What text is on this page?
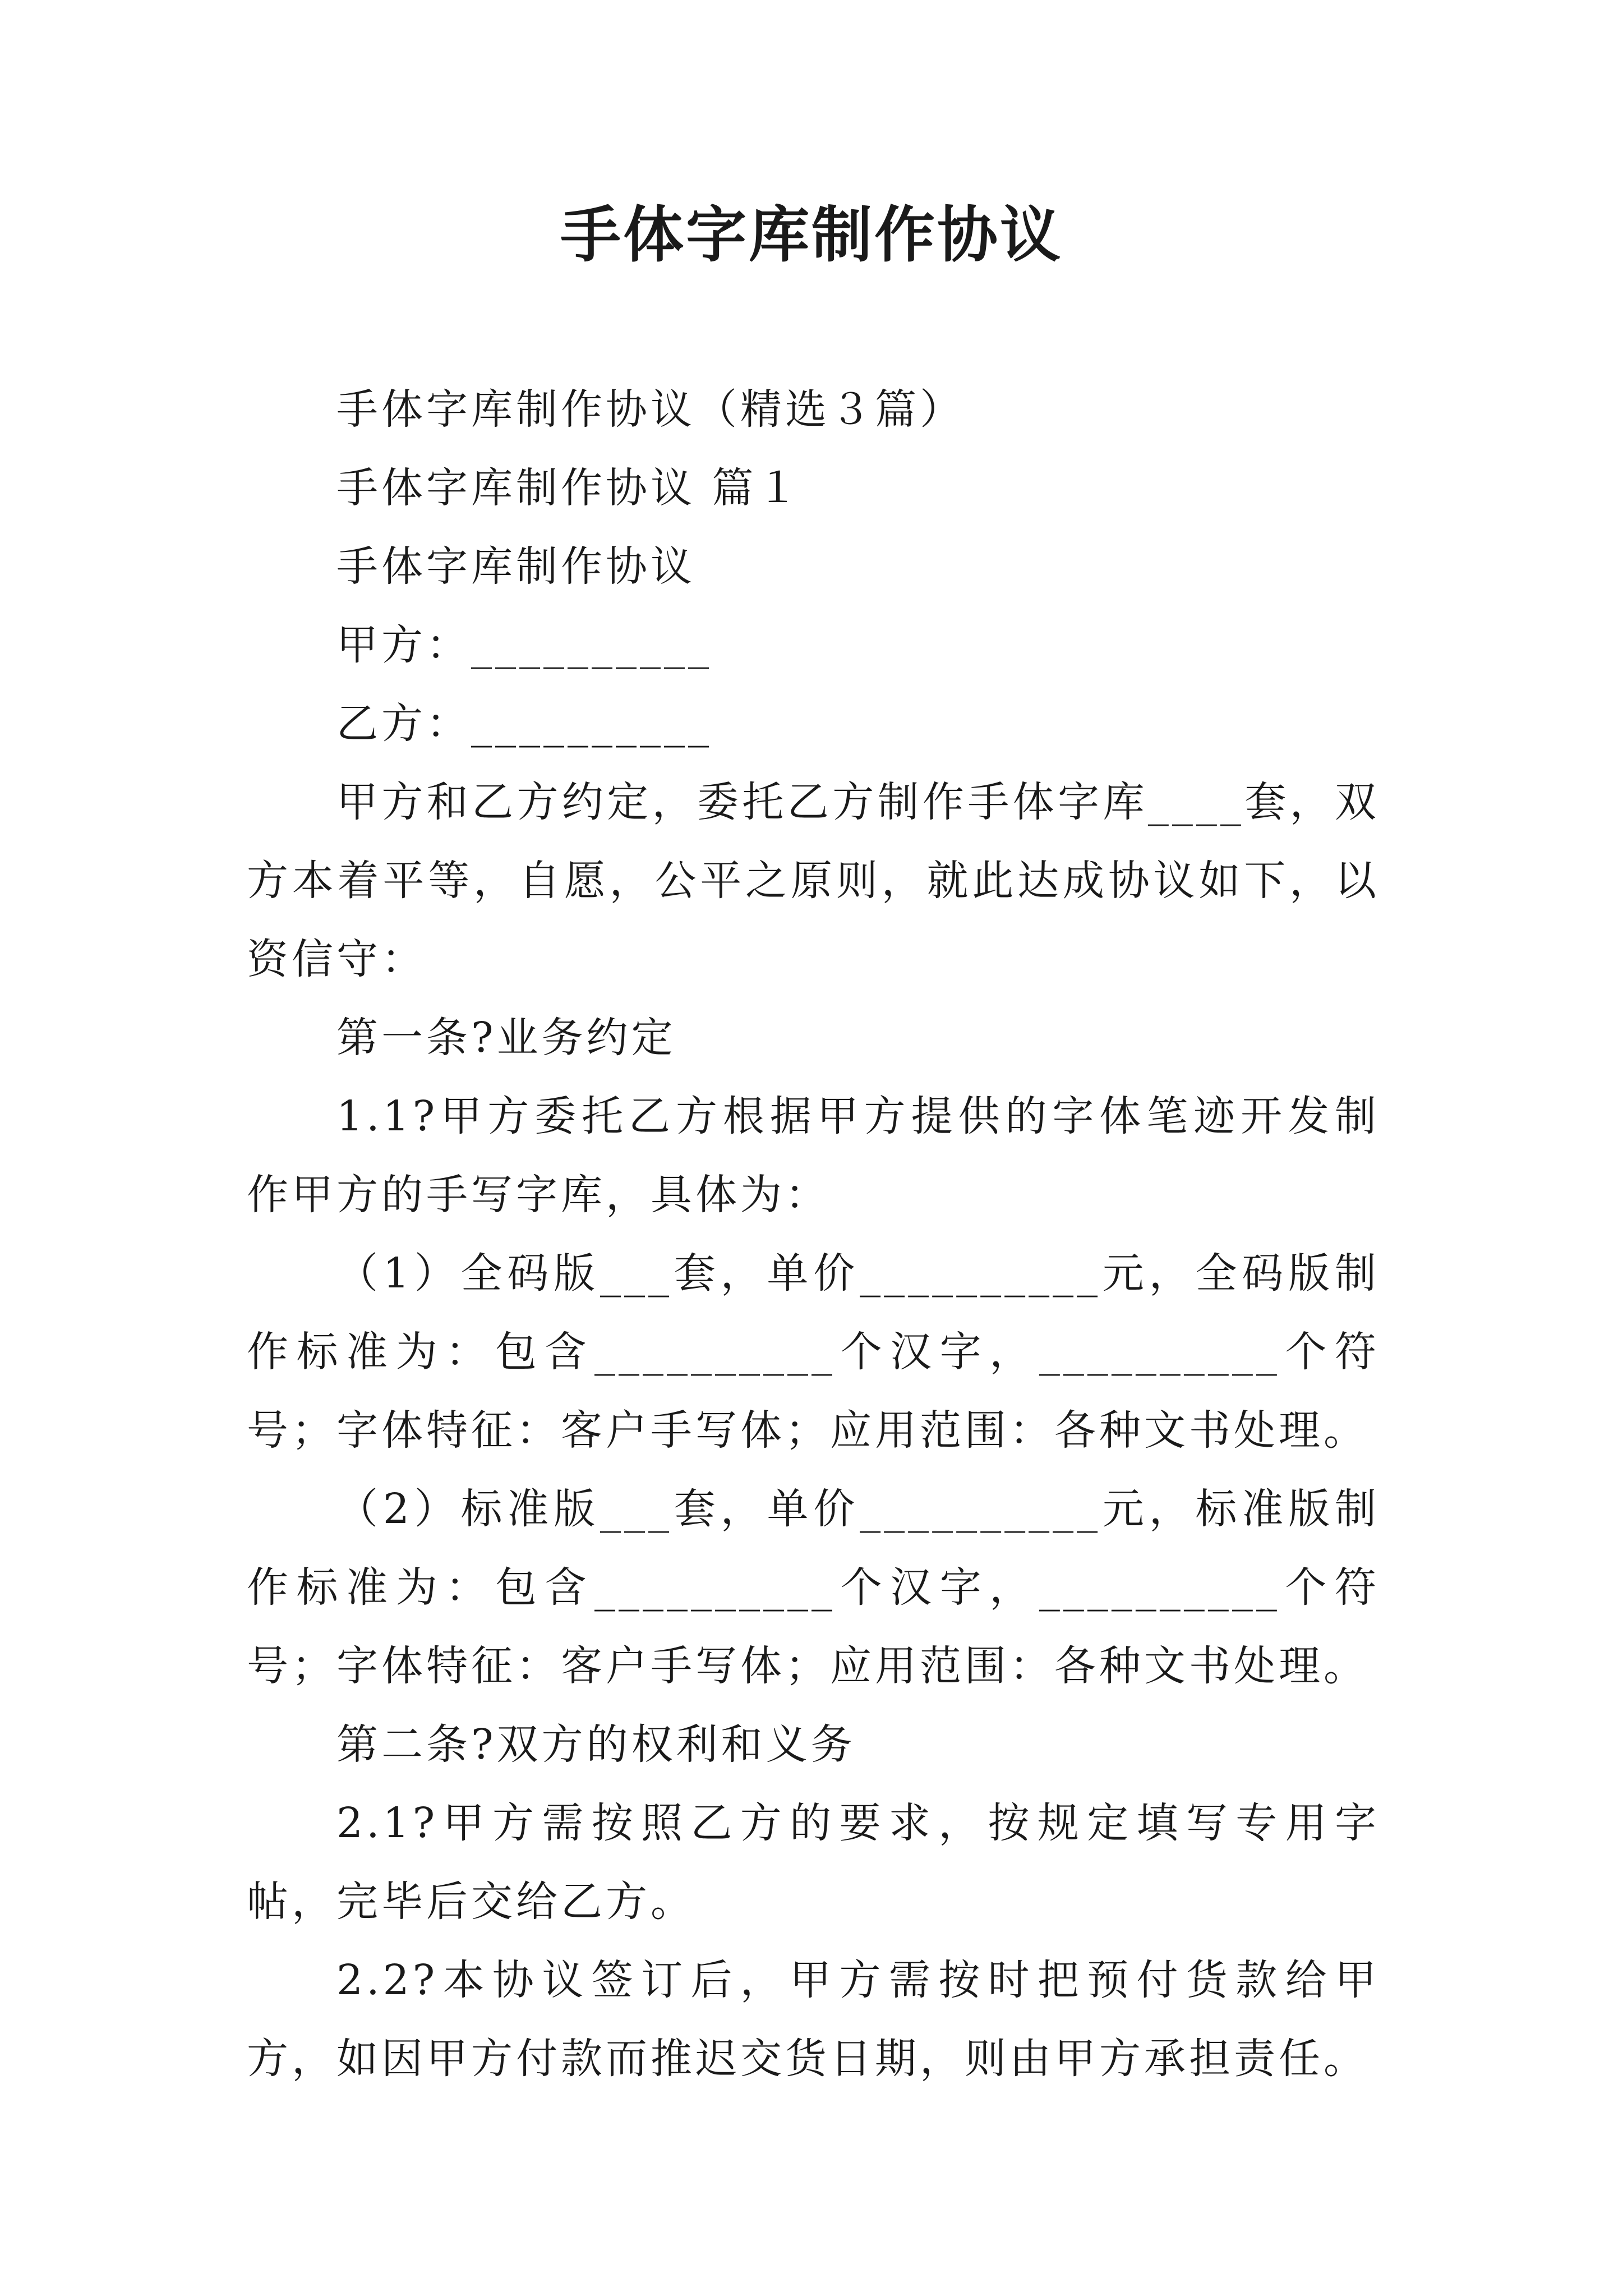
手体字库制作协议

手体字库制作协议（精选３篇）

手体字库制作协议 篇１

手体字库制作协议

甲方：__________

乙方：__________

甲方和乙方约定，委托乙方制作手体字库____套，双方本着平等，自愿，公平之原则，就此达成协议如下，以资信守：

第一条?业务约定

1.1?甲方委托乙方根据甲方提供的字体笔迹开发制作甲方的手写字库，具体为：

（1）全码版___套，单价__________元，全码版制作标准为：包含__________个汉字，__________个符号；字体特征：客户手写体；应用范围：各种文书处理。

（2）标准版___套，单价__________元，标准版制作标准为：包含__________个汉字，__________个符号；字体特征：客户手写体；应用范围：各种文书处理。

第二条?双方的权利和义务

2.1?甲方需按照乙方的要求，按规定填写专用字帖，完毕后交给乙方。

2.2?本协议签订后，甲方需按时把预付货款给甲方，如因甲方付款而推迟交货日期，则由甲方承担责任。
